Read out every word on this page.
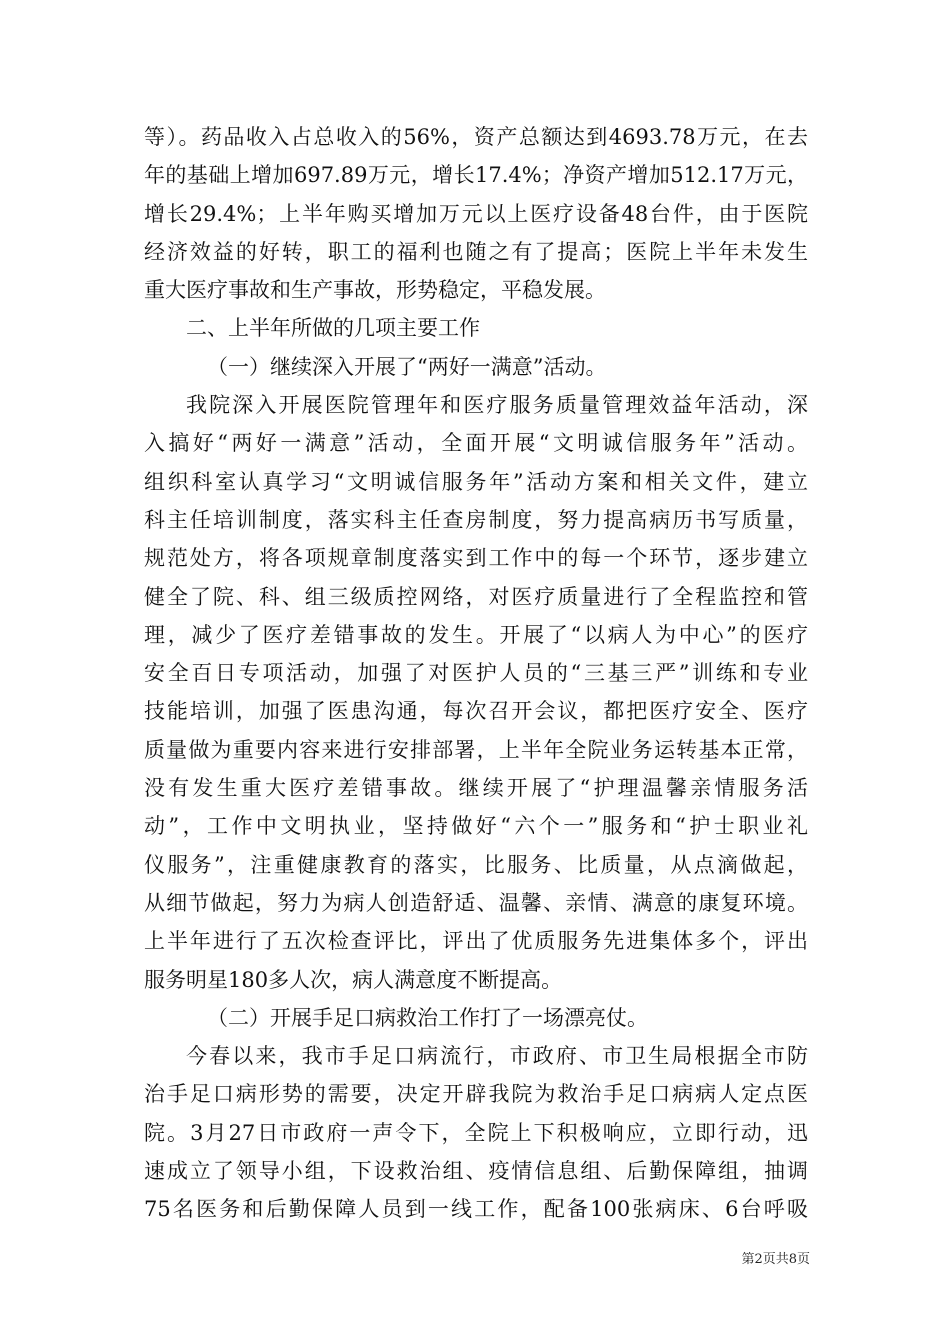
等）。药品收入占总收入的56%，资产总额达到4693.78万元，在去
年的基础上增加697.89万元，增长17.4%；净资产增加512.17万元，
增长29.4%；上半年购买增加万元以上医疗设备48台件，由于医院
经济效益的好转，职工的福利也随之有了提高；医院上半年未发生
重大医疗事故和生产事故，形势稳定，平稳发展。
二、上半年所做的几项主要工作
（一）继续深入开展了“两好一满意”活动。
我院深入开展医院管理年和医疗服务质量管理效益年活动，深
入搞好“两好一满意”活动，全面开展“文明诚信服务年”活动。
组织科室认真学习“文明诚信服务年”活动方案和相关文件，建立
科主任培训制度，落实科主任查房制度，努力提高病历书写质量，
规范处方，将各项规章制度落实到工作中的每一个环节，逐步建立
健全了院、科、组三级质控网络，对医疗质量进行了全程监控和管
理，减少了医疗差错事故的发生。开展了“以病人为中心”的医疗
安全百日专项活动，加强了对医护人员的“三基三严”训练和专业
技能培训，加强了医患沟通，每次召开会议，都把医疗安全、医疗
质量做为重要内容来进行安排部署，上半年全院业务运转基本正常，
没有发生重大医疗差错事故。继续开展了“护理温馨亲情服务活
动”，工作中文明执业，坚持做好“六个一”服务和“护士职业礼
仪服务”，注重健康教育的落实，比服务、比质量，从点滴做起，
从细节做起，努力为病人创造舒适、温馨、亲情、满意的康复环境。
上半年进行了五次检查评比，评出了优质服务先进集体多个，评出
服务明星180多人次，病人满意度不断提高。
（二）开展手足口病救治工作打了一场漂亮仗。
今春以来，我市手足口病流行，市政府、市卫生局根据全市防
治手足口病形势的需要，决定开辟我院为救治手足口病病人定点医
院。3月27日市政府一声令下，全院上下积极响应，立即行动，迅
速成立了领导小组，下设救治组、疫情信息组、后勤保障组，抽调
75名医务和后勤保障人员到一线工作，配备100张病床、6台呼吸
第2页共8页
